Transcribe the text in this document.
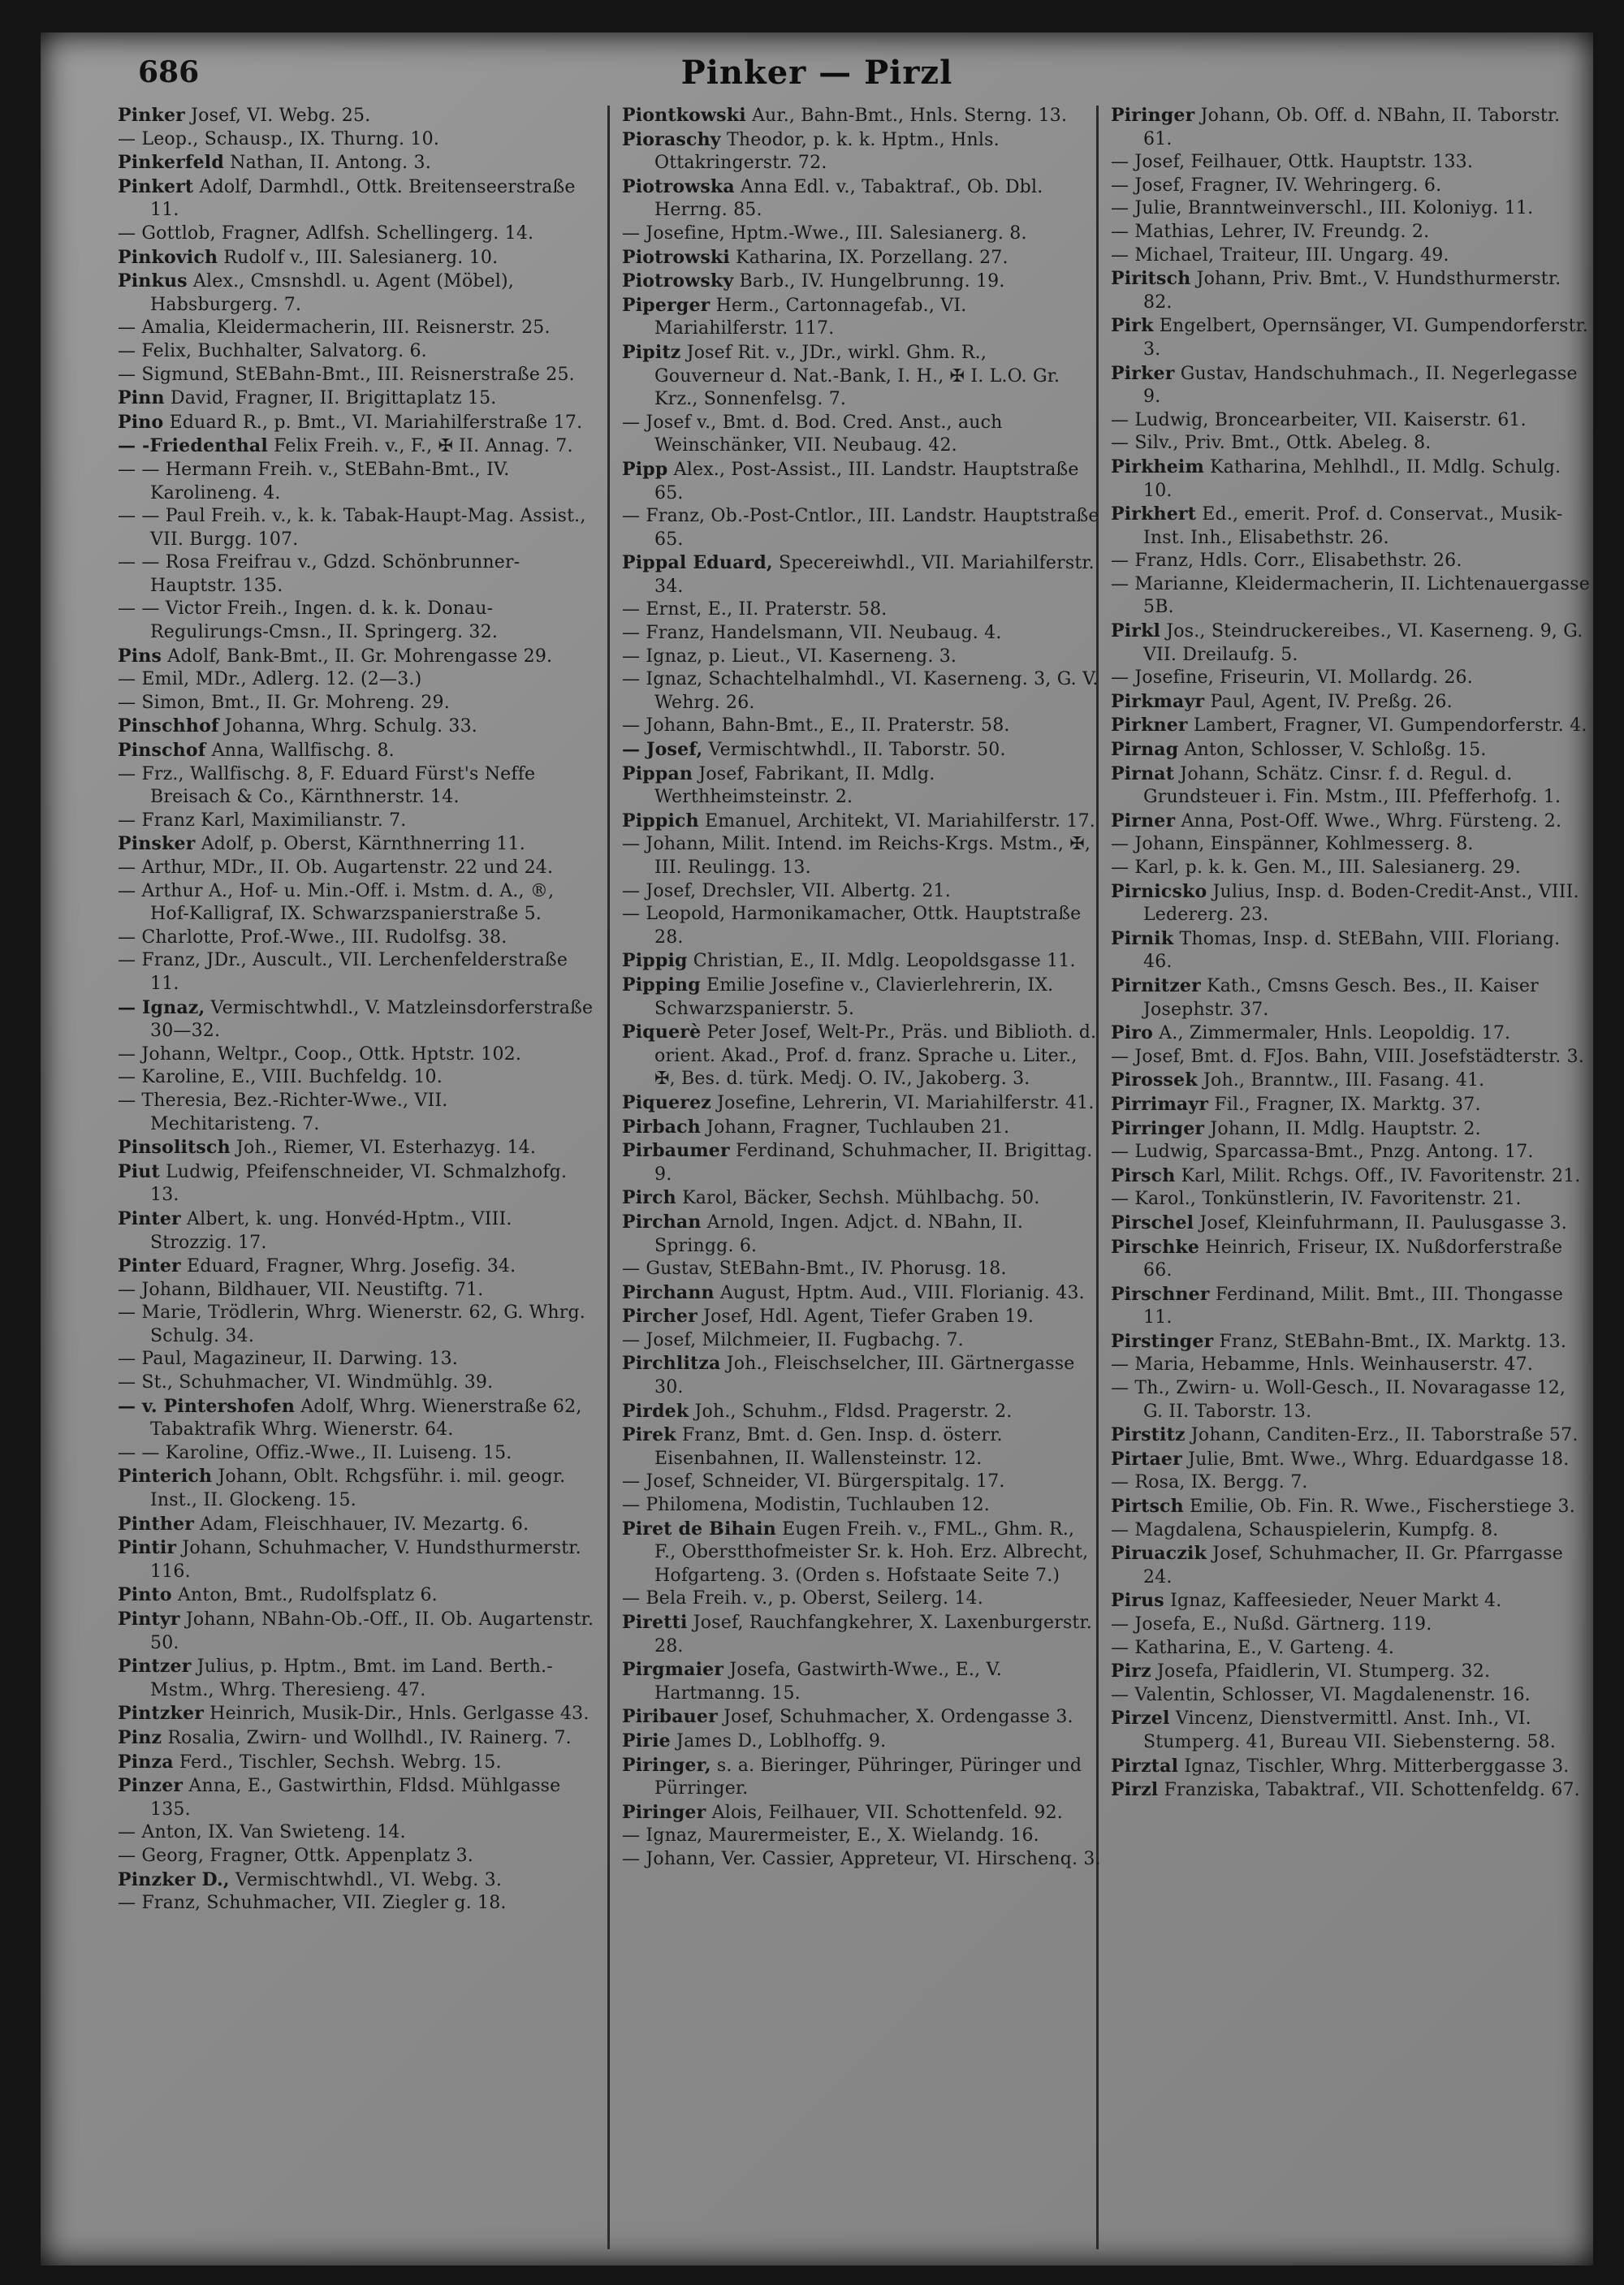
686	Pinker — Pirzl

Pinker Josef, VI. Webg. 25.

— Leop., Schausp., IX. Thurng. 10.

Pinkerfeld Nathan, II. Antong. 3.

Pinkert Adolf, Darmhdl., Ottk. Breitenseerstraße 11.

— Gottlob, Fragner, Adlfsh. Schellingerg. 14.

Pinkovich Rudolf v., III. Salesianerg. 10.

Pinkus Alex., Cmsnshdl. u. Agent (Möbel), Habsburgerg. 7.

— Amalia, Kleidermacherin, III. Reisnerstr. 25.

— Felix, Buchhalter, Salvatorg. 6.

— Sigmund, StEBahn-Bmt., III. Reisnerstraße 25.

Pinn David, Fragner, II. Brigittaplatz 15.

Pino Eduard R., p. Bmt., VI. Mariahilferstraße 17.

— -Friedenthal Felix Freih. v., F., ✠ II. Annag. 7.

— — Hermann Freih. v., StEBahn-Bmt., IV. Karolineng. 4.

— — Paul Freih. v., k. k. Tabak-Haupt-Mag. Assist., VII. Burgg. 107.

— — Rosa Freifrau v., Gdzd. Schönbrunner-Hauptstr. 135.

— — Victor Freih., Ingen. d. k. k. Donau-Regulirungs-Cmsn., II. Springerg. 32.

Pins Adolf, Bank-Bmt., II. Gr. Mohrengasse 29.

— Emil, MDr., Adlerg. 12. (2—3.)

— Simon, Bmt., II. Gr. Mohreng. 29.

Pinschhof Johanna, Whrg. Schulg. 33.

Pinschof Anna, Wallfischg. 8.

— Frz., Wallfischg. 8, F. Eduard Fürst's Neffe Breisach & Co., Kärnthnerstr. 14.

— Franz Karl, Maximilianstr. 7.

Pinsker Adolf, p. Oberst, Kärnthnerring 11.

— Arthur, MDr., II. Ob. Augartenstr. 22 und 24.

— Arthur A., Hof- u. Min.-Off. i. Mstm. d. A., ®, Hof-Kalligraf, IX. Schwarzspanierstraße 5.

— Charlotte, Prof.-Wwe., III. Rudolfsg. 38.

— Franz, JDr., Auscult., VII. Lerchenfelderstraße 11.

— Ignaz, Vermischtwhdl., V. Matzleinsdorferstraße 30—32.

— Johann, Weltpr., Coop., Ottk. Hptstr. 102.

— Karoline, E., VIII. Buchfeldg. 10.

— Theresia, Bez.-Richter-Wwe., VII. Mechitaristeng. 7.

Pinsolitsch Joh., Riemer, VI. Esterhazyg. 14.

Piut Ludwig, Pfeifenschneider, VI. Schmalzhofg. 13.

Pinter Albert, k. ung. Honvéd-Hptm., VIII. Strozzig. 17.

Pinter Eduard, Fragner, Whrg. Josefig. 34.

— Johann, Bildhauer, VII. Neustiftg. 71.

— Marie, Trödlerin, Whrg. Wienerstr. 62, G. Whrg. Schulg. 34.

— Paul, Magazineur, II. Darwing. 13.

— St., Schuhmacher, VI. Windmühlg. 39.

— v. Pintershofen Adolf, Whrg. Wienerstraße 62, Tabaktrafik Whrg. Wienerstr. 64.

— — Karoline, Offiz.-Wwe., II. Luiseng. 15.

Pinterich Johann, Oblt. Rchgsführ. i. mil. geogr. Inst., II. Glockeng. 15.

Pinther Adam, Fleischhauer, IV. Mezartg. 6.

Pintir Johann, Schuhmacher, V. Hundsthurmerstr. 116.

Pinto Anton, Bmt., Rudolfsplatz 6.

Pintyr Johann, NBahn-Ob.-Off., II. Ob. Augartenstr. 50.

Pintzer Julius, p. Hptm., Bmt. im Land. Berth.-Mstm., Whrg. Theresieng. 47.

Pintzker Heinrich, Musik-Dir., Hnls. Gerlgasse 43.

Pinz Rosalia, Zwirn- und Wollhdl., IV. Rainerg. 7.

Pinza Ferd., Tischler, Sechsh. Webrg. 15.

Pinzer Anna, E., Gastwirthin, Fldsd. Mühlgasse 135.

— Anton, IX. Van Swieteng. 14.

— Georg, Fragner, Ottk. Appenplatz 3.

Pinzker D., Vermischtwhdl., VI. Webg. 3.

— Franz, Schuhmacher, VII. Ziegler g. 18.

Piontkowski Aur., Bahn-Bmt., Hnls. Sterng. 13.

Pioraschy Theodor, p. k. k. Hptm., Hnls. Ottakringerstr. 72.

Piotrowska Anna Edl. v., Tabaktraf., Ob. Dbl. Herrng. 85.

— Josefine, Hptm.-Wwe., III. Salesianerg. 8.

Piotrowski Katharina, IX. Porzellang. 27.

Piotrowsky Barb., IV. Hungelbrunng. 19.

Piperger Herm., Cartonnagefab., VI. Mariahilferstr. 117.

Pipitz Josef Rit. v., JDr., wirkl. Ghm. R., Gouverneur d. Nat.-Bank, I. H., ✠ I. L.O. Gr. Krz., Sonnenfelsg. 7.

— Josef v., Bmt. d. Bod. Cred. Anst., auch Weinschänker, VII. Neubaug. 42.

Pipp Alex., Post-Assist., III. Landstr. Hauptstraße 65.

— Franz, Ob.-Post-Cntlor., III. Landstr. Hauptstraße 65.

Pippal Eduard, Specereiwhdl., VII. Mariahilferstr. 34.

— Ernst, E., II. Praterstr. 58.

— Franz, Handelsmann, VII. Neubaug. 4.

— Ignaz, p. Lieut., VI. Kaserneng. 3.

— Ignaz, Schachtelhalmhdl., VI. Kaserneng. 3, G. V. Wehrg. 26.

— Johann, Bahn-Bmt., E., II. Praterstr. 58.

— Josef, Vermischtwhdl., II. Taborstr. 50.

Pippan Josef, Fabrikant, II. Mdlg. Werthheimsteinstr. 2.

Pippich Emanuel, Architekt, VI. Mariahilferstr. 17.

— Johann, Milit. Intend. im Reichs-Krgs. Mstm., ✠, III. Reulingg. 13.

— Josef, Drechsler, VII. Albertg. 21.

— Leopold, Harmonikamacher, Ottk. Hauptstraße 28.

Pippig Christian, E., II. Mdlg. Leopoldsgasse 11.

Pipping Emilie Josefine v., Clavierlehrerin, IX. Schwarzspanierstr. 5.

Piquerè Peter Josef, Welt-Pr., Präs. und Biblioth. d. orient. Akad., Prof. d. franz. Sprache u. Liter., ✠, Bes. d. türk. Medj. O. IV., Jakoberg. 3.

Piquerez Josefine, Lehrerin, VI. Mariahilferstr. 41.

Pirbach Johann, Fragner, Tuchlauben 21.

Pirbaumer Ferdinand, Schuhmacher, II. Brigittag. 9.

Pirch Karol, Bäcker, Sechsh. Mühlbachg. 50.

Pirchan Arnold, Ingen. Adjct. d. NBahn, II. Springg. 6.

— Gustav, StEBahn-Bmt., IV. Phorusg. 18.

Pirchann August, Hptm. Aud., VIII. Florianig. 43.

Pircher Josef, Hdl. Agent, Tiefer Graben 19.

— Josef, Milchmeier, II. Fugbachg. 7.

Pirchlitza Joh., Fleischselcher, III. Gärtnergasse 30.

Pirdek Joh., Schuhm., Fldsd. Pragerstr. 2.

Pirek Franz, Bmt. d. Gen. Insp. d. österr. Eisenbahnen, II. Wallensteinstr. 12.

— Josef, Schneider, VI. Bürgerspitalg. 17.

— Philomena, Modistin, Tuchlauben 12.

Piret de Bihain Eugen Freih. v., FML., Ghm. R., F., Oberstthofmeister Sr. k. Hoh. Erz. Albrecht, Hofgarteng. 3. (Orden s. Hofstaate Seite 7.)

— Bela Freih. v., p. Oberst, Seilerg. 14.

Piretti Josef, Rauchfangkehrer, X. Laxenburgerstr. 28.

Pirgmaier Josefa, Gastwirth-Wwe., E., V. Hartmanng. 15.

Piribauer Josef, Schuhmacher, X. Ordengasse 3.

Pirie James D., Loblhoffg. 9.

Piringer, s. a. Bieringer, Pühringer, Püringer und Pürringer.

Piringer Alois, Feilhauer, VII. Schottenfeld. 92.

— Ignaz, Maurermeister, E., X. Wielandg. 16.

— Johann, Ver. Cassier, Appreteur, VI. Hirschenq. 3.

Piringer Johann, Ob. Off. d. NBahn, II. Taborstr. 61.

— Josef, Feilhauer, Ottk. Hauptstr. 133.

— Josef, Fragner, IV. Wehringerg. 6.

— Julie, Branntweinverschl., III. Koloniyg. 11.

— Mathias, Lehrer, IV. Freundg. 2.

— Michael, Traiteur, III. Ungarg. 49.

Piritsch Johann, Priv. Bmt., V. Hundsthurmerstr. 82.

Pirk Engelbert, Opernsänger, VI. Gumpendorferstr. 3.

Pirker Gustav, Handschuhmach., II. Negerlegasse 9.

— Ludwig, Broncearbeiter, VII. Kaiserstr. 61.

— Silv., Priv. Bmt., Ottk. Abeleg. 8.

Pirkheim Katharina, Mehlhdl., II. Mdlg. Schulg. 10.

Pirkhert Ed., emerit. Prof. d. Conservat., Musik-Inst. Inh., Elisabethstr. 26.

— Franz, Hdls. Corr., Elisabethstr. 26.

— Marianne, Kleidermacherin, II. Lichtenauergasse 5B.

Pirkl Jos., Steindruckereibes., VI. Kaserneng. 9, G. VII. Dreilaufg. 5.

— Josefine, Friseurin, VI. Mollardg. 26.

Pirkmayr Paul, Agent, IV. Preßg. 26.

Pirkner Lambert, Fragner, VI. Gumpendorferstr. 4.

Pirnag Anton, Schlosser, V. Schloßg. 15.

Pirnat Johann, Schätz. Cinsr. f. d. Regul. d. Grundsteuer i. Fin. Mstm., III. Pfefferhofg. 1.

Pirner Anna, Post-Off. Wwe., Whrg. Fürsteng. 2.

— Johann, Einspänner, Kohlmesserg. 8.

— Karl, p. k. k. Gen. M., III. Salesianerg. 29.

Pirnicsko Julius, Insp. d. Boden-Credit-Anst., VIII. Ledererg. 23.

Pirnik Thomas, Insp. d. StEBahn, VIII. Floriang. 46.

Pirnitzer Kath., Cmsns Gesch. Bes., II. Kaiser Josephstr. 37.

Piro A., Zimmermaler, Hnls. Leopoldig. 17.

— Josef, Bmt. d. FJos. Bahn, VIII. Josefstädterstr. 3.

Pirossek Joh., Branntw., III. Fasang. 41.

Pirrimayr Fil., Fragner, IX. Marktg. 37.

Pirringer Johann, II. Mdlg. Hauptstr. 2.

— Ludwig, Sparcassa-Bmt., Pnzg. Antong. 17.

Pirsch Karl, Milit. Rchgs. Off., IV. Favoritenstr. 21.

— Karol., Tonkünstlerin, IV. Favoritenstr. 21.

Pirschel Josef, Kleinfuhrmann, II. Paulusgasse 3.

Pirschke Heinrich, Friseur, IX. Nußdorferstraße 66.

Pirschner Ferdinand, Milit. Bmt., III. Thongasse 11.

Pirstinger Franz, StEBahn-Bmt., IX. Marktg. 13.

— Maria, Hebamme, Hnls. Weinhauserstr. 47.

— Th., Zwirn- u. Woll-Gesch., II. Novaragasse 12, G. II. Taborstr. 13.

Pirstitz Johann, Canditen-Erz., II. Taborstraße 57.

Pirtaer Julie, Bmt. Wwe., Whrg. Eduardgasse 18.

— Rosa, IX. Bergg. 7.

Pirtsch Emilie, Ob. Fin. R. Wwe., Fischerstiege 3.

— Magdalena, Schauspielerin, Kumpfg. 8.

Piruaczik Josef, Schuhmacher, II. Gr. Pfarrgasse 24.

Pirus Ignaz, Kaffeesieder, Neuer Markt 4.

— Josefa, E., Nußd. Gärtnerg. 119.

— Katharina, E., V. Garteng. 4.

Pirz Josefa, Pfaidlerin, VI. Stumperg. 32.

— Valentin, Schlosser, VI. Magdalenenstr. 16.

Pirzel Vincenz, Dienstvermittl. Anst. Inh., VI. Stumperg. 41, Bureau VII. Siebensterng. 58.

Pirztal Ignaz, Tischler, Whrg. Mitterberggasse 3.

Pirzl Franziska, Tabaktraf., VII. Schottenfeldg. 67.
